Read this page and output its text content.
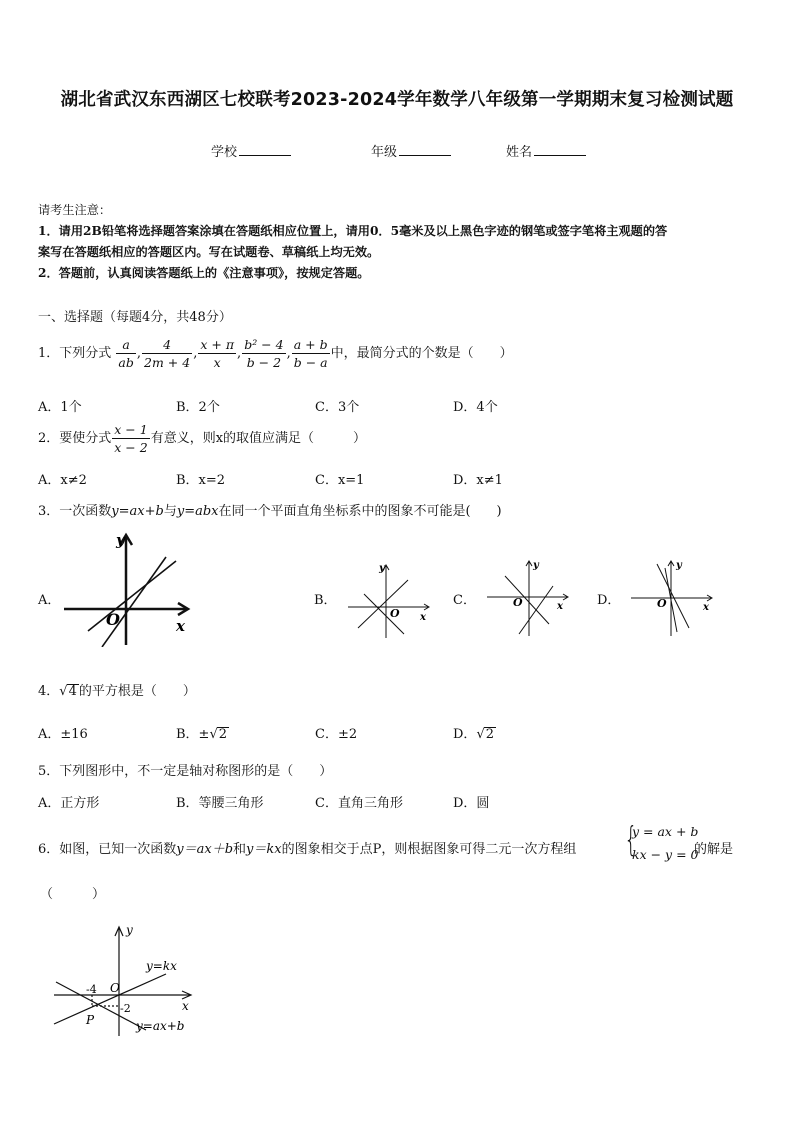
湖北省武汉东西湖区七校联考2023-2024学年数学八年级第一学期期末复习检测试题
学校	年级	姓名
请考生注意：
1．请用2B铅笔将选择题答案涂填在答题纸相应位置上，请用0．5毫米及以上黑色字迹的钢笔或签字笔将主观题的答
案写在答题纸相应的答题区内。写在试题卷、草稿纸上均无效。
2．答题前，认真阅读答题纸上的《注意事项》，按规定答题。
一、选择题（每题4分，共48分）
1．下列分式 $\frac{a}{ab}$ , $\frac{4}{2m + 4}$ , $\frac{x + \pi}{x}$ , $\frac{\text{b² − 4}}{b - 2}$ , $\frac{a + b}{b - a}$ 中，最简分式的个数是（　　）
A．1个	B．2个	C．3个	D．4个
2．要使分式 $\frac{x - 1}{x - 2}$ 有意义，则x的取值应满足（　　　）
A．x≠2	B．x=2	C．x=1	D．x≠1
3．一次函数y=ax+b与y=abx在同一个平面直角坐标系中的图象不可能是(　　)
A．	B．	C．	D．
y
x
O
y
x
O
y
x
O
y
x
O
4．√4 的平方根是（　　）
A．±16	B．±√2	C．±2	D．√2
5．下列图形中，不一定是轴对称图形的是（　　）
A．正方形	B．等腰三角形	C．直角三角形	D．圆
6．如图，已知一次函数y＝ax＋b和y＝kx的图象相交于点P，则根据图象可得二元一次方程组 {
y = ax + b
kx − y = 0
的解是
（　　　）
y
x
O
P
-4
-2
y=kx
y=ax+b
